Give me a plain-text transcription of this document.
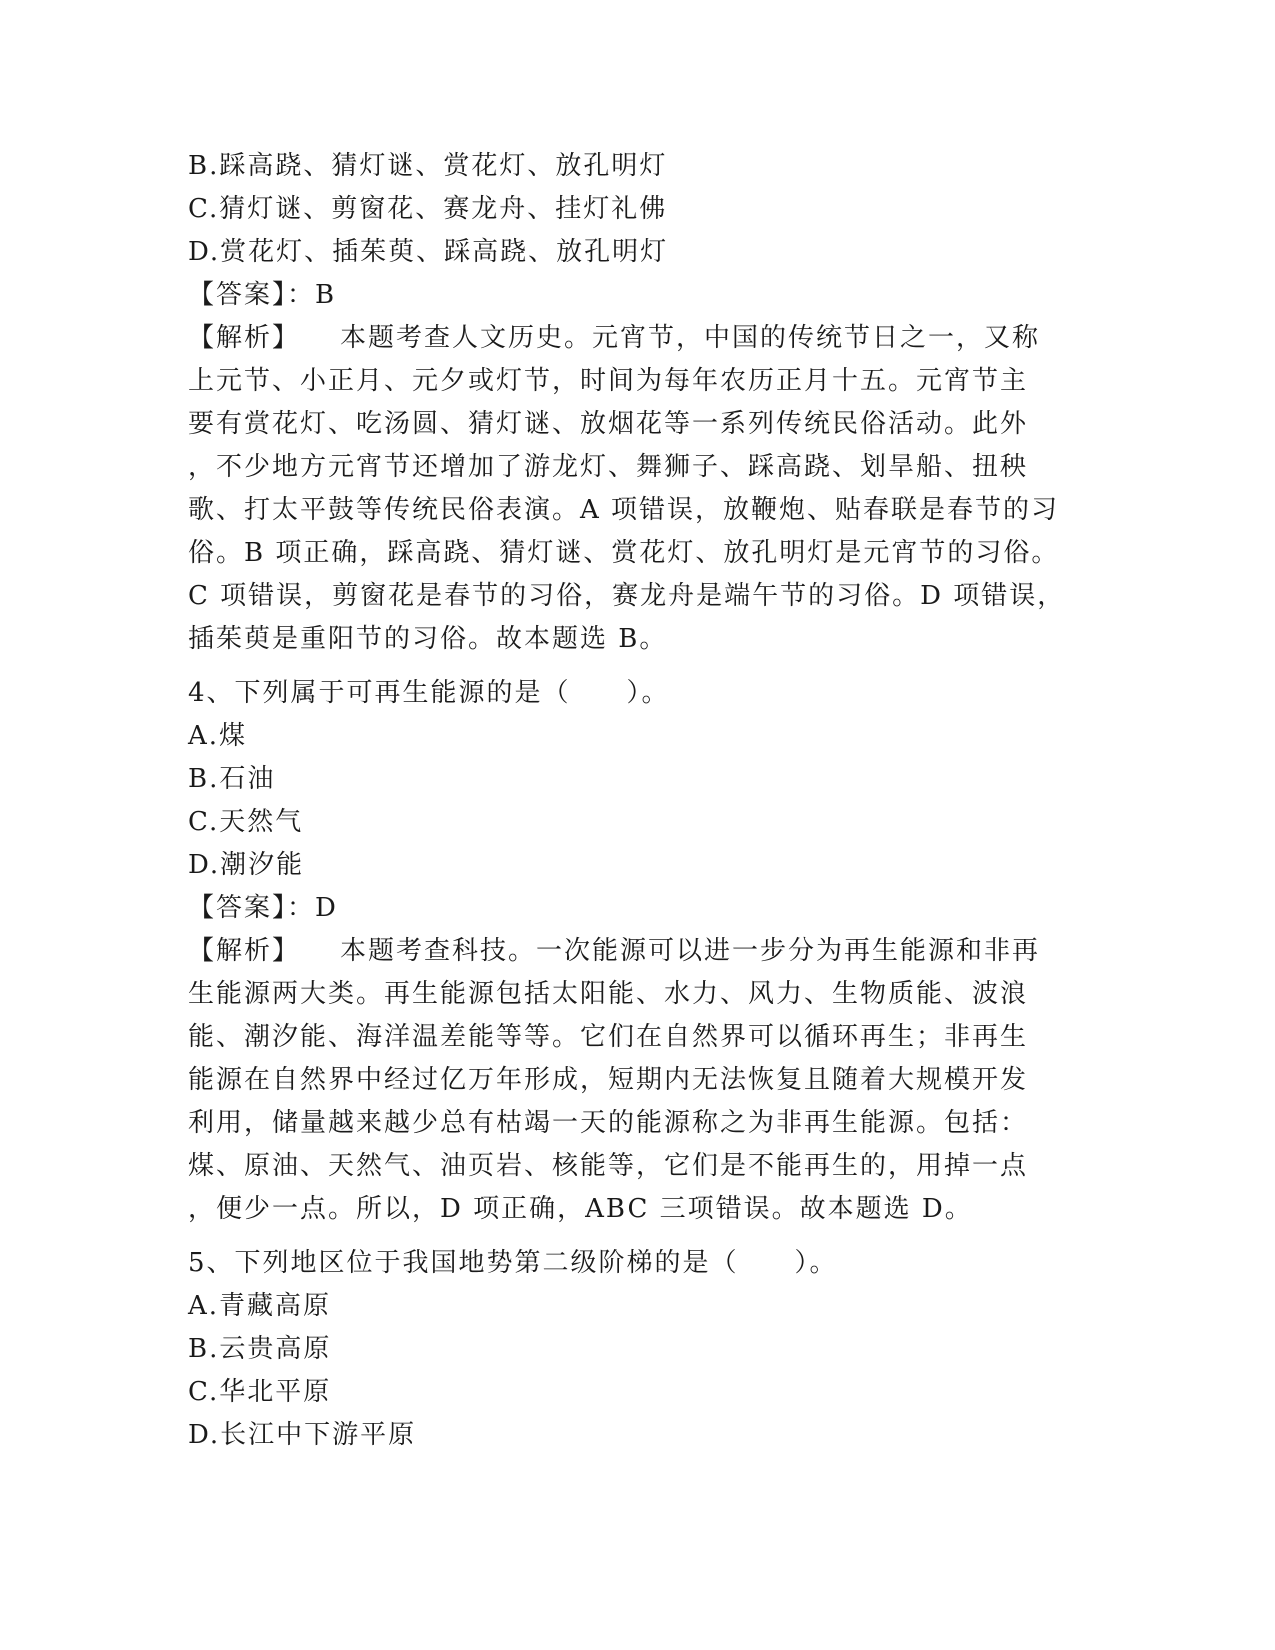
B.踩高跷、猜灯谜、赏花灯、放孔明灯
C.猜灯谜、剪窗花、赛龙舟、挂灯礼佛
D.赏花灯、插茱萸、踩高跷、放孔明灯
【答案】：B
【解析】 本题考查人文历史。元宵节，中国的传统节日之一，又称
上元节、小正月、元夕或灯节，时间为每年农历正月十五。元宵节主
要有赏花灯、吃汤圆、猜灯谜、放烟花等一系列传统民俗活动。此外
，不少地方元宵节还增加了游龙灯、舞狮子、踩高跷、划旱船、扭秧
歌、打太平鼓等传统民俗表演。A 项错误，放鞭炮、贴春联是春节的习
俗。B 项正确，踩高跷、猜灯谜、赏花灯、放孔明灯是元宵节的习俗。
C 项错误，剪窗花是春节的习俗，赛龙舟是端午节的习俗。D 项错误，
插茱萸是重阳节的习俗。故本题选 B。
4、下列属于可再生能源的是（　　）。
A.煤
B.石油
C.天然气
D.潮汐能
【答案】：D
【解析】 本题考查科技。一次能源可以进一步分为再生能源和非再
生能源两大类。再生能源包括太阳能、水力、风力、生物质能、波浪
能、潮汐能、海洋温差能等等。它们在自然界可以循环再生；非再生
能源在自然界中经过亿万年形成，短期内无法恢复且随着大规模开发
利用，储量越来越少总有枯竭一天的能源称之为非再生能源。包括：
煤、原油、天然气、油页岩、核能等，它们是不能再生的，用掉一点
，便少一点。所以，D 项正确，ABC 三项错误。故本题选 D。
5、下列地区位于我国地势第二级阶梯的是（　　）。
A.青藏高原
B.云贵高原
C.华北平原
D.长江中下游平原
